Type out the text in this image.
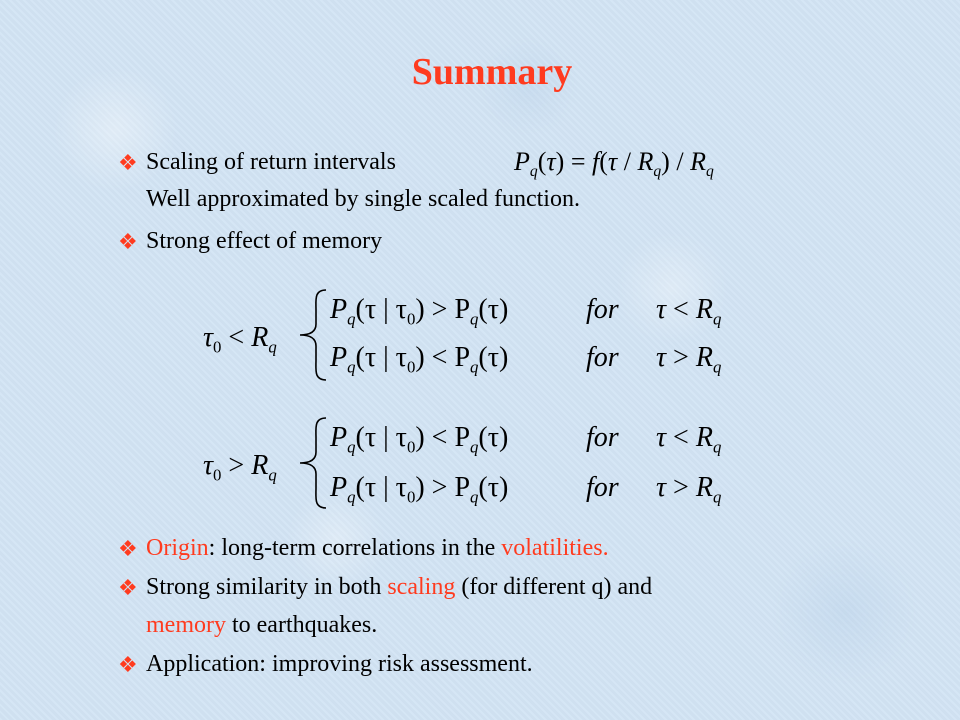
Summary
❖ Scaling of return intervals	$P_q(\tau) = f(\tau / R_q) / R_q$
Well approximated by single scaled function.
❖ Strong effect of memory
$\tau_0 < R_q$
$P_q(\tau$ | $\tau_0) > P_q(\tau)$	for $\tau < R_q$
$P_q(\tau$ | $\tau_0) < P_q(\tau)$	for $\tau > R_q$
$\tau_0 > R_q$
$P_q(\tau$ | $\tau_0) < P_q(\tau)$	for $\tau < R_q$
$P_q(\tau$ | $\tau_0) > P_q(\tau)$	for $\tau > R_q$
❖ Origin: long-term correlations in the volatilities.
❖ Strong similarity in both scaling (for different q) and
memory to earthquakes.
❖ Application: improving risk assessment.
